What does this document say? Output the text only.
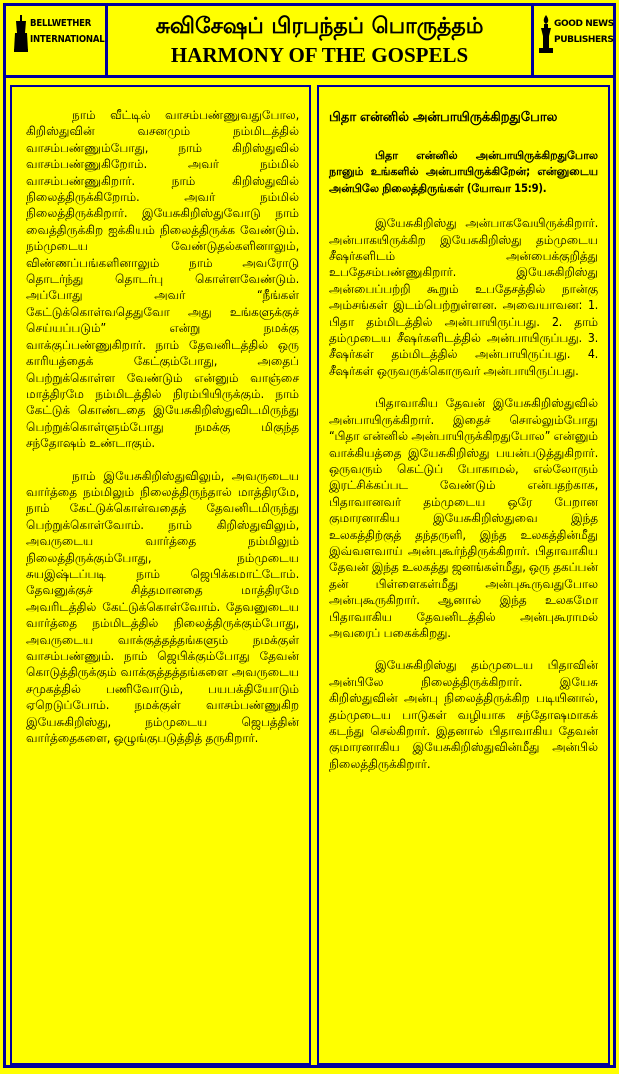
BELLWETHER INTERNATIONAL
சுவிசேஷப் பிரபந்தப் பொருத்தம்
HARMONY OF THE GOSPELS
GOOD NEWS PUBLISHERS

நாம் வீட்டில் வாசம்பண்ணுவதுபோல, கிறிஸ்துவின் வசனமும் நம்மிடத்தில் வாசம்பண்ணும்போது, நாம் கிறிஸ்துவில் வாசம்பண்ணுகிறோம். அவர் நம்மில் வாசம்பண்ணுகிறார். நாம் கிறிஸ்துவில் நிலைத்திருக்கிறோம். அவர் நம்மில் நிலைத்திருக்கிறார். இயேசுகிறிஸ்துவோடு நாம் வைத்திருக்கிற ஐக்கியம் நிலைத்திருக்க வேண்டும். நம்முடைய வேண்டுதல்களினாலும், விண்ணப்பங்களினாலும் நாம் அவரோடு தொடர்ந்து தொடர்பு கொள்ளவேண்டும். அப்போது அவர் “நீங்கள் கேட்டுக்கொள்வதெதுவோ அது உங்களுக்குச் செய்யப்படும்” என்று நமக்கு வாக்குப்பண்ணுகிறார். நாம் தேவனிடத்தில் ஒரு காரியத்தைக் கேட்கும்போது, அதைப் பெற்றுக்கொள்ள வேண்டும் என்னும் வாஞ்சை மாத்திரமே நம்மிடத்தில் நிரம்பியிருக்கும். நாம் கேட்டுக் கொண்டதை இயேசுகிறிஸ்துவிடமிருந்து பெற்றுக்கொள்ளும்போது நமக்கு மிகுந்த சந்தோஷம் உண்டாகும்.

நாம் இயேசுகிறிஸ்துவிலும், அவருடைய வார்த்தை நம்மிலும் நிலைத்திருந்தால் மாத்திரமே, நாம் கேட்டுக்கொள்வதைத் தேவனிடமிருந்து பெற்றுக்கொள்வோம். நாம் கிறிஸ்துவிலும், அவருடைய வார்த்தை நம்மிலும் நிலைத்திருக்கும்போது, நம்முடைய சுயஇஷ்டப்படி நாம் ஜெபிக்கமாட்டோம். தேவனுக்குச் சித்தமானதை மாத்திரமே அவரிடத்தில் கேட்டுக்கொள்வோம். தேவனுடைய வார்த்தை நம்மிடத்தில் நிலைத்திருக்கும்போது, அவருடைய வாக்குத்தத்தங்களும் நமக்குள் வாசம்பண்ணும். நாம் ஜெபிக்கும்போது தேவன் கொடுத்திருக்கும் வாக்குத்தத்தங்களை அவருடைய சமுகத்தில் பணிவோடும், பயபக்தியோடும் ஏறெடுப்போம். நமக்குள் வாசம்பண்ணுகிற இயேசுகிறிஸ்து, நம்முடைய ஜெபத்தின் வார்த்தைகளை, ஒழுங்குபடுத்தித் தருகிறார்.

பிதா என்னில் அன்பாயிருக்கிறதுபோல

பிதா என்னில் அன்பாயிருக்கிறதுபோல நானும் உங்களில் அன்பாயிருக்கிறேன்; என்னுடைய அன்பிலே நிலைத்திருங்கள் (யோவா 15:9).

இயேசுகிறிஸ்து அன்பாகவேயிருக்கிறார். அன்பாகயிருக்கிற இயேசுகிறிஸ்து தம்முடைய சீஷர்களிடம் அன்பைக்குறித்து உபதேசம்பண்ணுகிறார். இயேசுகிறிஸ்து அன்பைப்பற்றி கூறும் உபதேசத்தில் நான்கு அம்சங்கள் இடம்பெற்றுள்ளன. அவையாவன: 1. பிதா தம்மிடத்தில் அன்பாயிருப்பது. 2. தாம் தம்முடைய சீஷர்களிடத்தில் அன்பாயிருப்பது. 3. சீஷர்கள் தம்மிடத்தில் அன்பாயிருப்பது. 4. சீஷர்கள் ஒருவருக்கொருவர் அன்பாயிருப்பது.

பிதாவாகிய தேவன் இயேசுகிறிஸ்துவில் அன்பாயிருக்கிறார். இதைச் சொல்லும்போது “பிதா என்னில் அன்பாயிருக்கிறதுபோல” என்னும் வாக்கியத்தை இயேசுகிறிஸ்து பயன்படுத்துகிறார். ஒருவரும் கெட்டுப் போகாமல், எல்லோரும் இரட்சிக்கப்பட வேண்டும் என்பதற்காக, பிதாவானவர் தம்முடைய ஒரே பேறான குமாரனாகிய இயேசுகிறிஸ்துவை இந்த உலகத்திற்குத் தந்தருளி, இந்த உலகத்தின்மீது இவ்வளவாய் அன்புகூர்ந்திருக்கிறார். பிதாவாகிய தேவன் இந்த உலகத்து ஜனங்கள்மீது, ஒரு தகப்பன் தன் பிள்ளைகள்மீது அன்புகூருவதுபோல அன்புகூருகிறார். ஆனால் இந்த உலகமோ பிதாவாகிய தேவனிடத்தில் அன்புகூராமல் அவரைப் பகைக்கிறது.

இயேசுகிறிஸ்து தம்முடைய பிதாவின் அன்பிலே நிலைத்திருக்கிறார். இயேசு கிறிஸ்துவின் அன்பு நிலைத்திருக்கிற படியினால், தம்முடைய பாடுகள் வழியாக சந்தோஷமாகக் கடந்து செல்கிறார். இதனால் பிதாவாகிய தேவன் குமாரனாகிய இயேசுகிறிஸ்துவின்மீது அன்பில் நிலைத்திருக்கிறார்.
